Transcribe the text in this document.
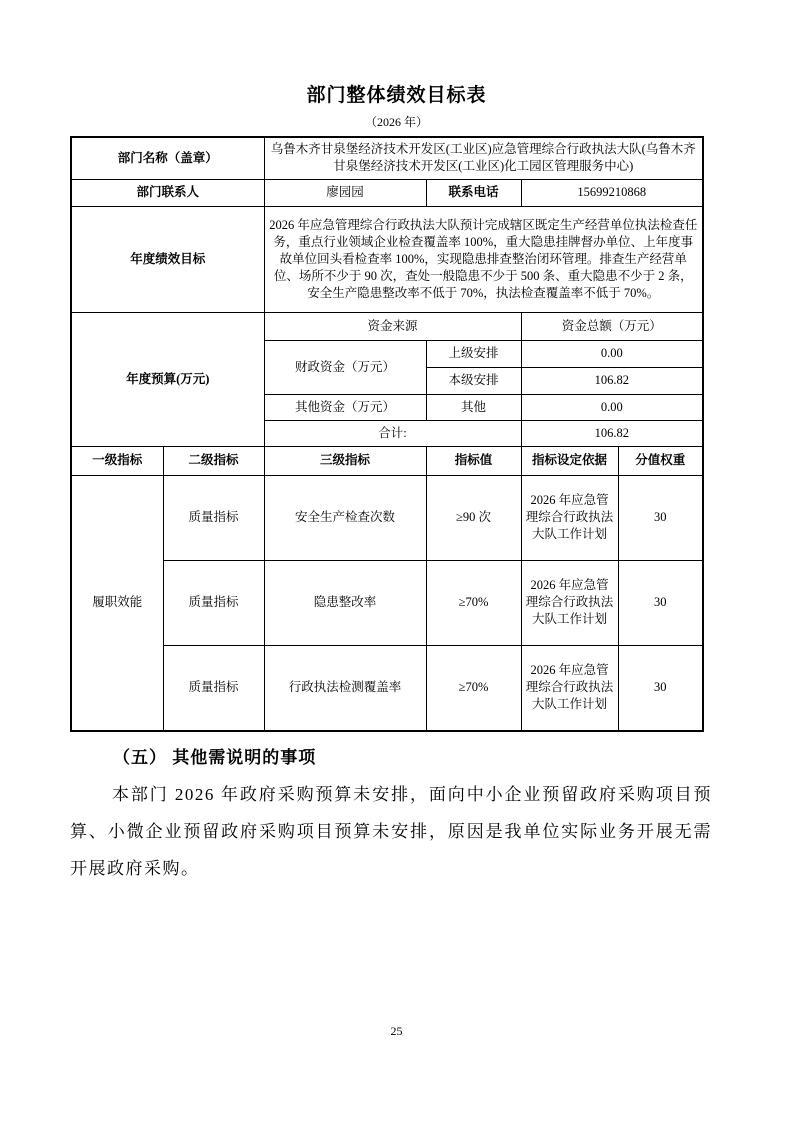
部门整体绩效目标表
（2026 年）
部门名称（盖章）		乌鲁木齐甘泉堡经济技术开发区(工业区)应急管理综合行政执法大队(乌鲁木齐甘泉堡经济技术开发区(工业区)化工园区管理服务中心)			
部门联系人		廖园园	联系电话	15699210868	
年度绩效目标		2026 年应急管理综合行政执法大队预计完成辖区既定生产经营单位执法检查任务，重点行业领域企业检查覆盖率 100%，重大隐患挂牌督办单位、上年度事故单位回头看检查率 100%，实现隐患排查整治闭环管理。排查生产经营单位、场所不少于 90 次，查处一般隐患不少于 500 条、重大隐患不少于 2 条，安全生产隐患整改率不低于 70%，执法检查覆盖率不低于 70%。			
年度预算(万元)		资金来源		资金总额（万元）	
		财政资金（万元）	上级安排	0.00	
			本级安排	106.82	
		其他资金（万元）	其他	0.00	
		合计:		106.82	
一级指标	二级指标	三级指标	指标值	指标设定依据	分值权重
履职效能	质量指标	安全生产检查次数	≥90 次	2026 年应急管理综合行政执法大队工作计划	30
	质量指标	隐患整改率	≥70%	2026 年应急管理综合行政执法大队工作计划	30
	质量指标	行政执法检测覆盖率	≥70%	2026 年应急管理综合行政执法大队工作计划	30
（五） 其他需说明的事项

本部门 2026 年政府采购预算未安排，面向中小企业预留政府采购项目预算、小微企业预留政府采购项目预算未安排，原因是我单位实际业务开展无需开展政府采购。

25
